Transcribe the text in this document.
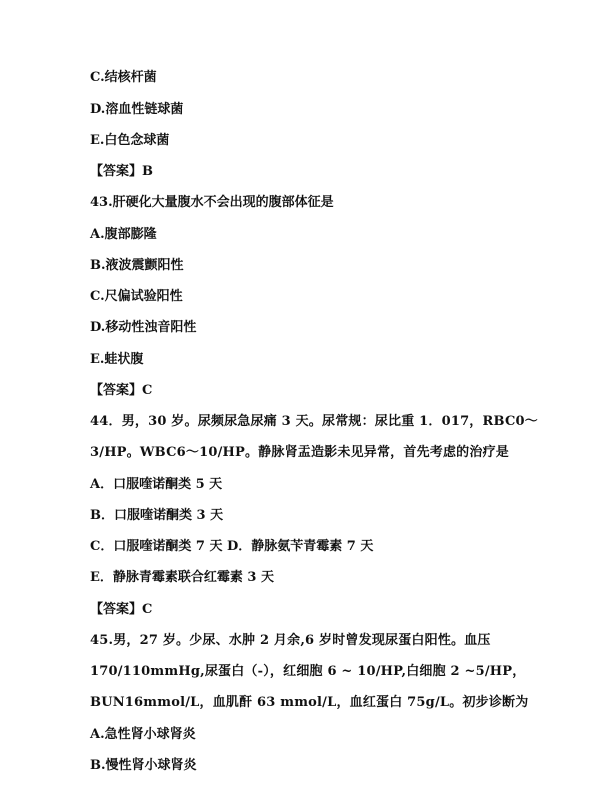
C.结核杆菌
D.溶血性链球菌
E.白色念球菌
【答案】B
43.肝硬化大量腹水不会出现的腹部体征是
A.腹部膨隆
B.液波震颤阳性
C.尺偏试验阳性
D.移动性浊音阳性
E.蛙状腹
【答案】C
44．男，30 岁。尿频尿急尿痛 3 天。尿常规：尿比重 1．017，RBC0～
3/HP。WBC6～10/HP。静脉肾盂造影未见异常，首先考虑的治疗是
A．口服喹诺酮类 5 天
B．口服喹诺酮类 3 天
C．口服喹诺酮类 7 天 D．静脉氨苄青霉素 7 天
E．静脉青霉素联合红霉素 3 天
【答案】C
45.男，27 岁。少尿、水肿 2 月余,6 岁时曾发现尿蛋白阳性。血压
170/110mmHg,尿蛋白（-），红细胞 6 ~ 10/HP,白细胞 2 ~5/HP，
BUN16mmol/L，血肌酐 63 mmol/L，血红蛋白 75g/L。初步诊断为
A.急性肾小球肾炎
B.慢性肾小球肾炎
